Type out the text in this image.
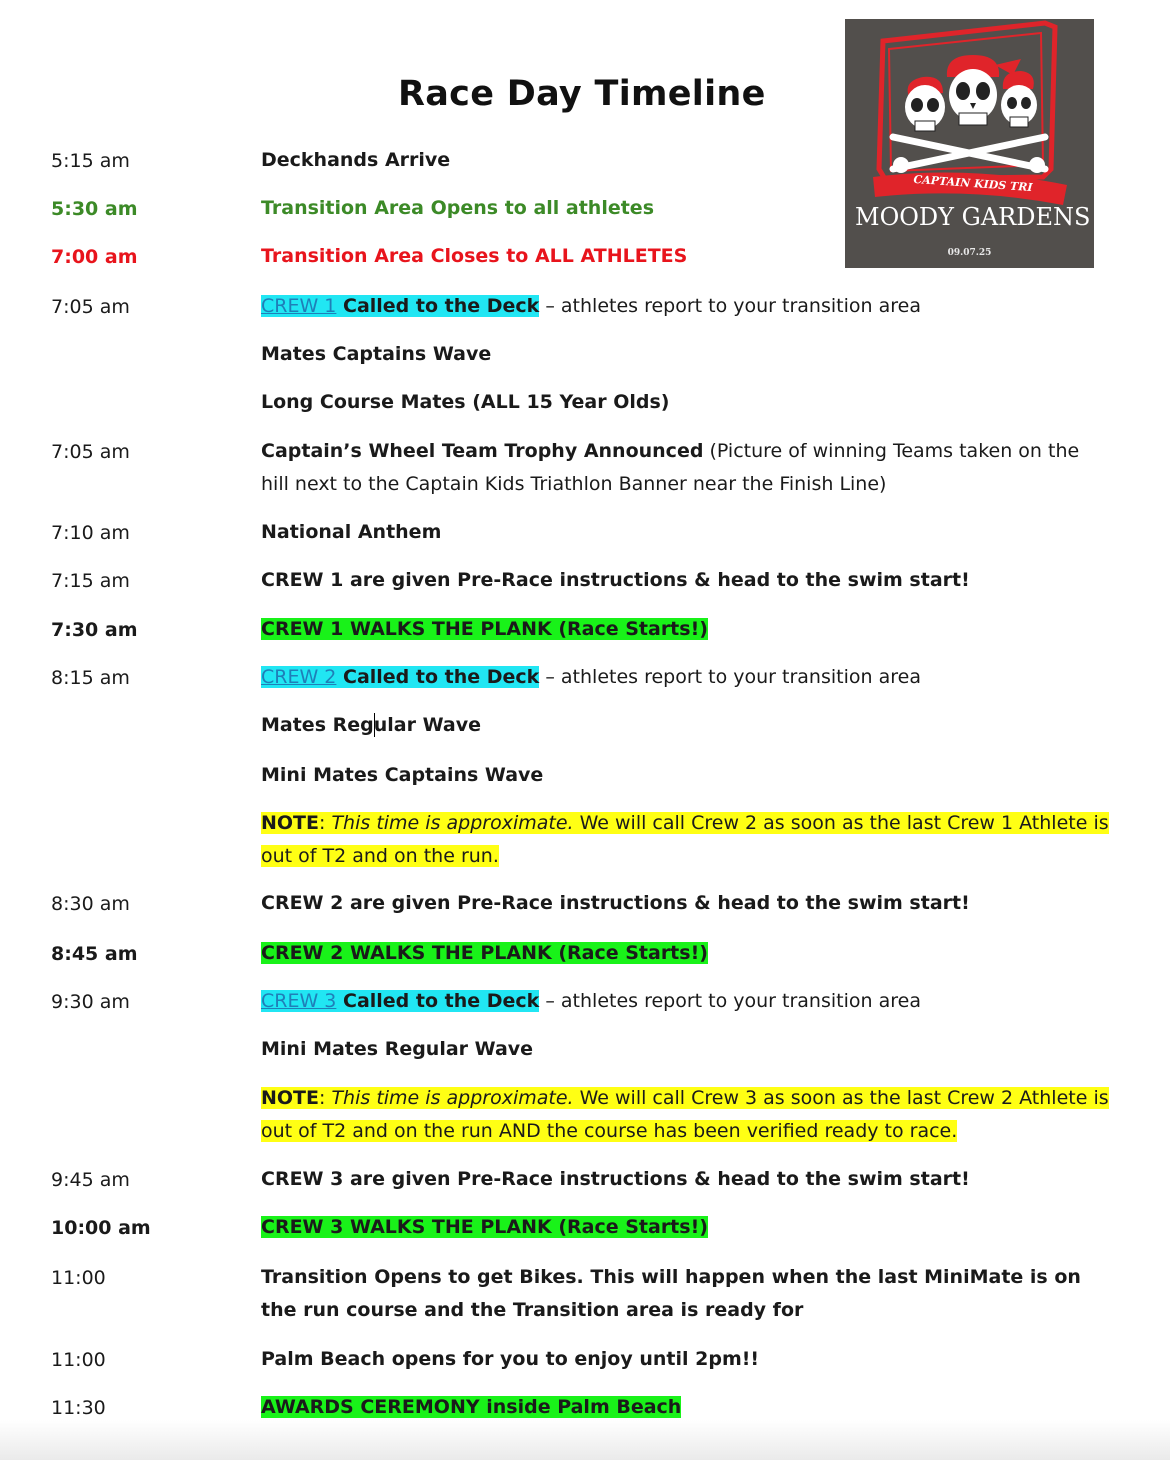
Race Day Timeline
CAPTAIN KIDS TRI
MOODY GARDENS
09.07.25
5:15 am	Deckhands Arrive
5:30 am	Transition Area Opens to all athletes
7:00 am	Transition Area Closes to ALL ATHLETES
7:05 am	CREW 1 Called to the Deck – athletes report to your transition area
Mates Captains Wave
Long Course Mates (ALL 15 Year Olds)
7:05 am	Captain’s Wheel Team Trophy Announced (Picture of winning Teams taken on the hill next to the Captain Kids Triathlon Banner near the Finish Line)
7:10 am	National Anthem
7:15 am	CREW 1 are given Pre-Race instructions & head to the swim start!
7:30 am	CREW 1 WALKS THE PLANK (Race Starts!)
8:15 am	CREW 2 Called to the Deck – athletes report to your transition area
Mates Regular Wave
Mini Mates Captains Wave
NOTE: This time is approximate. We will call Crew 2 as soon as the last Crew 1 Athlete is out of T2 and on the run.
8:30 am	CREW 2 are given Pre-Race instructions & head to the swim start!
8:45 am	CREW 2 WALKS THE PLANK (Race Starts!)
9:30 am	CREW 3 Called to the Deck – athletes report to your transition area
Mini Mates Regular Wave
NOTE: This time is approximate. We will call Crew 3 as soon as the last Crew 2 Athlete is out of T2 and on the run AND the course has been verified ready to race.
9:45 am	CREW 3 are given Pre-Race instructions & head to the swim start!
10:00 am	CREW 3 WALKS THE PLANK (Race Starts!)
11:00	Transition Opens to get Bikes. This will happen when the last MiniMate is on the run course and the Transition area is ready for
11:00	Palm Beach opens for you to enjoy until 2pm!!
11:30	AWARDS CEREMONY inside Palm Beach
